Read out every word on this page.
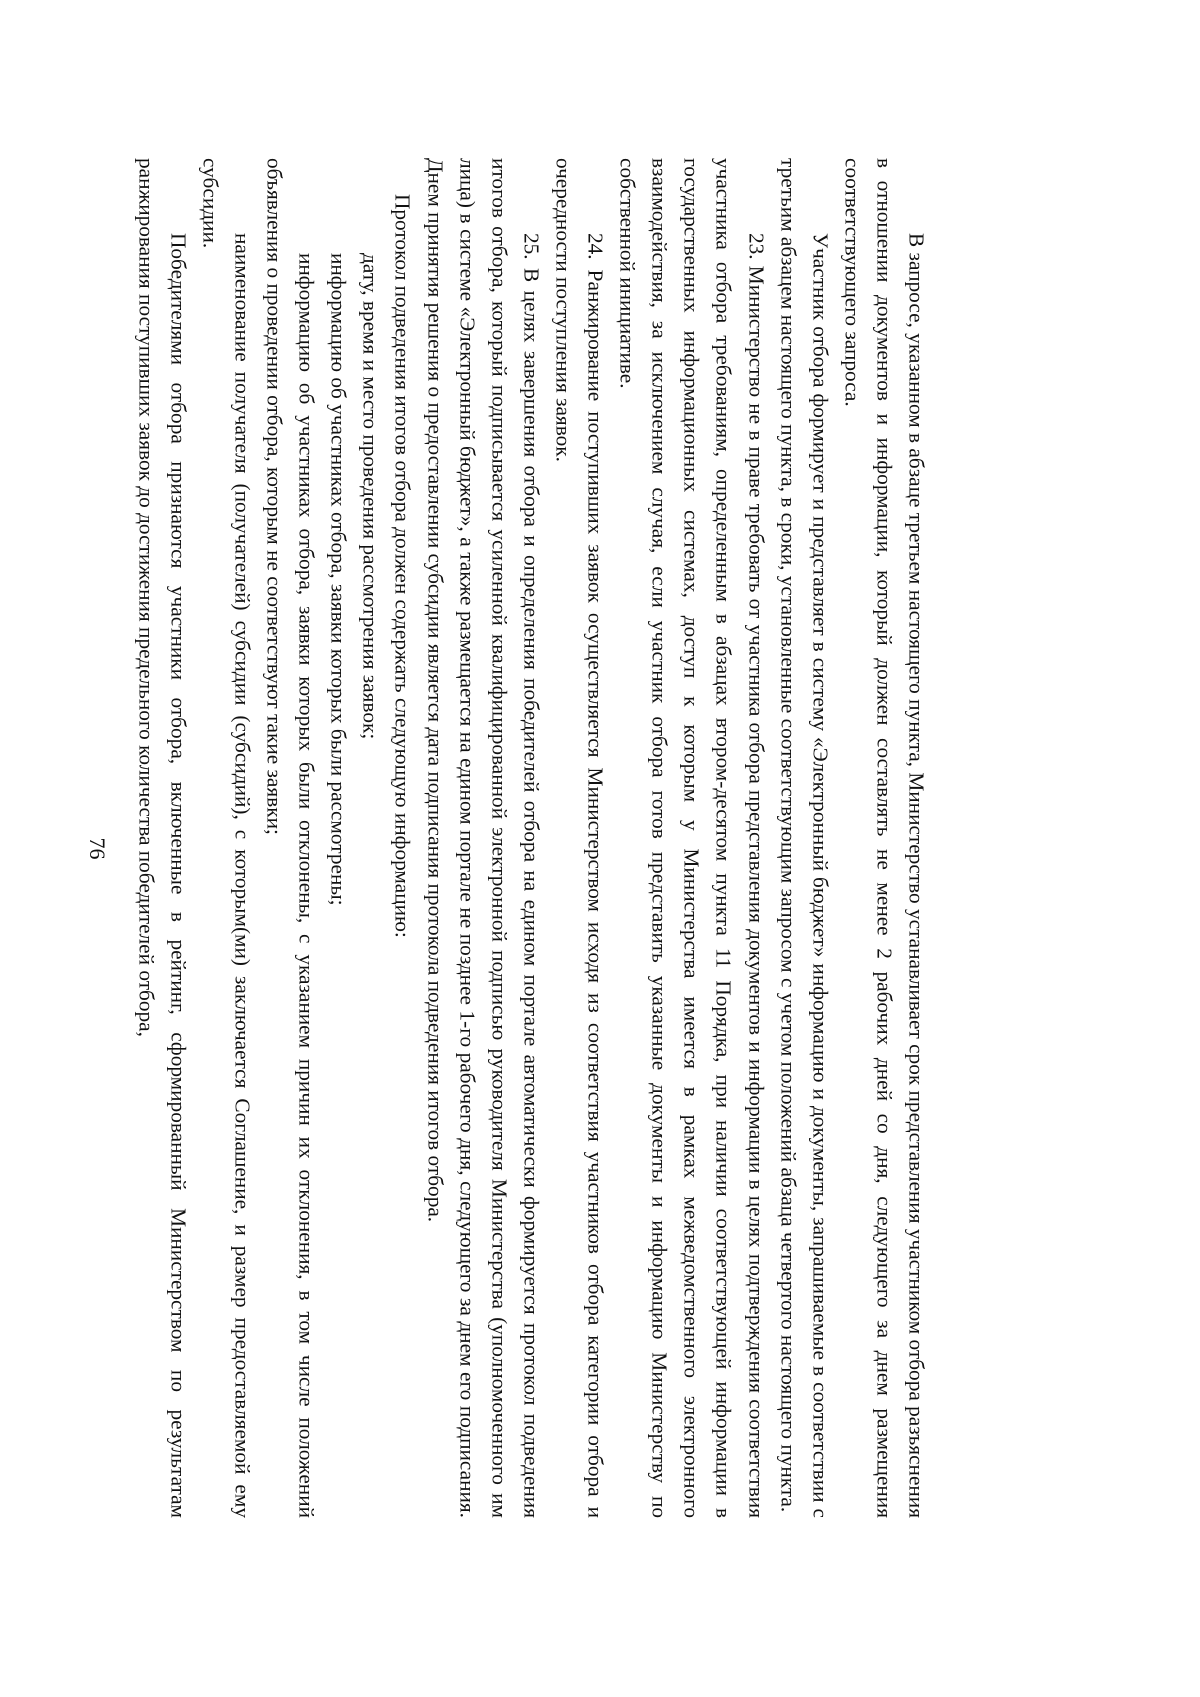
76	В запросе, указанном в абзаце третьем настоящего пункта, Министерство устанавливает срок представления участником отбора разъяснения в отношении документов и информации, который должен составлять не менее 2 рабочих дней со дня, следующего за днем размещения соответствующего запроса.

Участник отбора формирует и представляет в систему «Электронный бюджет» информацию и документы, запрашиваемые в соответствии с третьим абзацем настоящего пункта, в сроки, установленные соответствующим запросом с учетом положений абзаца четвертого настоящего пункта.

23. Министерство не в праве требовать от участника отбора представления документов и информации в целях подтверждения соответствия участника отбора требованиям, определенным в абзацах втором-десятом пункта 11 Порядка, при наличии соответствующей информации в государственных информационных системах, доступ к которым у Министерства имеется в рамках межведомственного электронного взаимодействия, за исключением случая, если участник отбора готов представить указанные документы и информацию Министерству по собственной инициативе.

24. Ранжирование поступивших заявок осуществляется Министерством исходя из соответствия участников отбора категории отбора и очередности поступления заявок.

25. В целях завершения отбора и определения победителей отбора на едином портале автоматически формируется протокол подведения итогов отбора, который подписывается усиленной квалифицированной электронной подписью руководителя Министерства (уполномоченного им лица) в системе «Электронный бюджет», а также размещается на едином портале не позднее 1-го рабочего дня, следующего за днем его подписания. Днем принятия решения о предоставлении субсидии является дата подписания протокола подведения итогов отбора.

Протокол подведения итогов отбора должен содержать следующую информацию:

дату, время и место проведения рассмотрения заявок;

информацию об участниках отбора, заявки которых были рассмотрены;

информацию об участниках отбора, заявки которых были отклонены, с указанием причин их отклонения, в том числе положений объявления о проведении отбора, которым не соответствуют такие заявки;

наименование получателя (получателей) субсидии (субсидий), с которым(ми) заключается Соглашение, и размер предоставляемой ему субсидии.

Победителями отбора признаются участники отбора, включенные в рейтинг, сформированный Министерством по результатам ранжирования поступивших заявок до достижения предельного количества победителей отбора,
